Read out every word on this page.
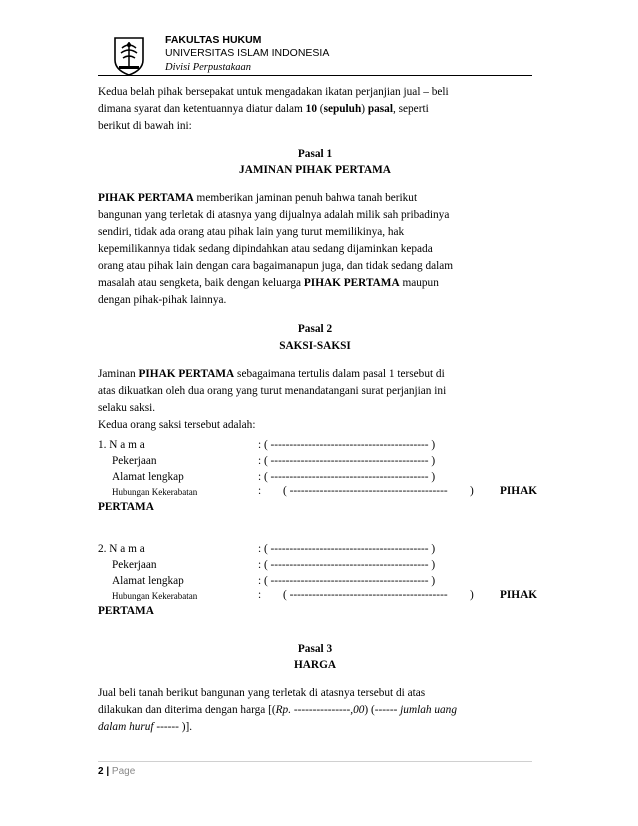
FAKULTAS HUKUM
UNIVERSITAS ISLAM INDONESIA
Divisi Perpustakaan
Kedua belah pihak bersepakat untuk mengadakan ikatan perjanjian jual – beli
dimana syarat dan ketentuannya diatur dalam 10 (sepuluh) pasal, seperti
berikut di bawah ini:
Pasal 1
JAMINAN PIHAK PERTAMA
PIHAK PERTAMA memberikan jaminan penuh bahwa tanah berikut
bangunan yang terletak di atasnya yang dijualnya adalah milik sah pribadinya
sendiri, tidak ada orang atau pihak lain yang turut memilikinya, hak
kepemilikannya tidak sedang dipindahkan atau sedang dijaminkan kepada
orang atau pihak lain dengan cara bagaimanapun juga, dan tidak sedang dalam
masalah atau sengketa, baik dengan keluarga PIHAK PERTAMA maupun
dengan pihak-pihak lainnya.
Pasal 2
SAKSI-SAKSI
Jaminan PIHAK PERTAMA sebagaimana tertulis dalam pasal 1 tersebut di
atas dikuatkan oleh dua orang yang turut menandatangani surat perjanjian ini
selaku saksi.
Kedua orang saksi tersebut adalah:
1. N a m a	: ( ------------------------------------------ )
Pekerjaan	: ( ------------------------------------------ )
Alamat lengkap	: ( ------------------------------------------ )
Hubungan Kekerabatan	: ( ------------------------------------------ ) PIHAK
PERTAMA
2. N a m a	: ( ------------------------------------------ )
Pekerjaan	: ( ------------------------------------------ )
Alamat lengkap	: ( ------------------------------------------ )
Hubungan Kekerabatan	: ( ------------------------------------------ ) PIHAK
PERTAMA
Pasal 3
HARGA
Jual beli tanah berikut bangunan yang terletak di atasnya tersebut di atas
dilakukan dan diterima dengan harga [(Rp. ---------------,00) (------ jumlah uang
dalam huruf ------ )].
2 | Page
